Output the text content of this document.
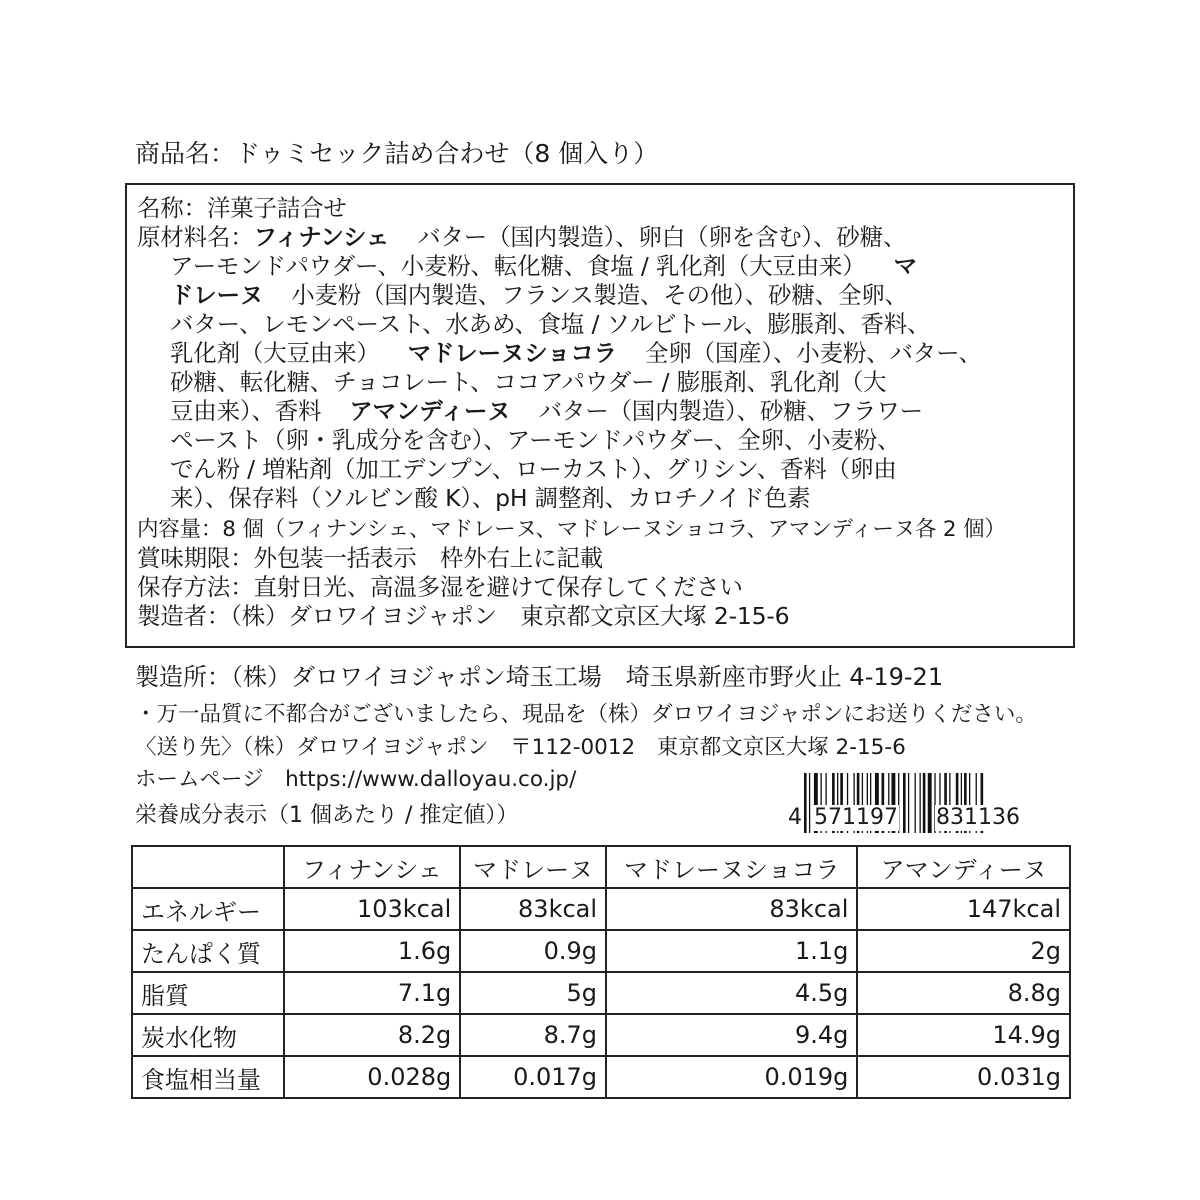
商品名：ドゥミセック詰め合わせ（8 個入り）
名称：洋菓子詰合せ
原材料名：フィナンシェ バター（国内製造）、卵白（卵を含む）、砂糖、
アーモンドパウダー、小麦粉、転化糖、食塩 / 乳化剤（大豆由来） マ
ドレーヌ 小麦粉（国内製造、フランス製造、その他）、砂糖、全卵、
バター、レモンペースト、水あめ、食塩 / ソルビトール、膨脹剤、香料、
乳化剤（大豆由来） マドレーヌショコラ 全卵（国産）、小麦粉、バター、
砂糖、転化糖、チョコレート、ココアパウダー / 膨脹剤、乳化剤（大
豆由来）、香料 アマンディーヌ バター（国内製造）、砂糖、フラワー
ペースト（卵・乳成分を含む）、アーモンドパウダー、全卵、小麦粉、
でん粉 / 増粘剤（加工デンプン、ローカスト）、グリシン、香料（卵由
来）、保存料（ソルビン酸 K）、pH 調整剤、カロチノイド色素
内容量：8 個（フィナンシェ、マドレーヌ、マドレーヌショコラ、アマンディーヌ各 2 個）
賞味期限：外包装一括表示　枠外右上に記載
保存方法：直射日光、高温多湿を避けて保存してください
製造者：（株）ダロワイヨジャポン　東京都文京区大塚 2-15-6
製造所：（株）ダロワイヨジャポン埼玉工場　埼玉県新座市野火止 4-19-21
・万一品質に不都合がございましたら、現品を（株）ダロワイヨジャポンにお送りください。
〈送り先〉（株）ダロワイヨジャポン　〒112-0012　東京都文京区大塚 2-15-6
ホームページ　https://www.dalloyau.co.jp/
栄養成分表示（1 個あたり / 推定値））	4 571197 831136
	フィナンシェ	マドレーヌ	マドレーヌショコラ	アマンディーヌ
エネルギー	103kcal	83kcal	83kcal	147kcal
たんぱく質	1.6g	0.9g	1.1g	2g
脂質	7.1g	5g	4.5g	8.8g
炭水化物	8.2g	8.7g	9.4g	14.9g
食塩相当量	0.028g	0.017g	0.019g	0.031g
